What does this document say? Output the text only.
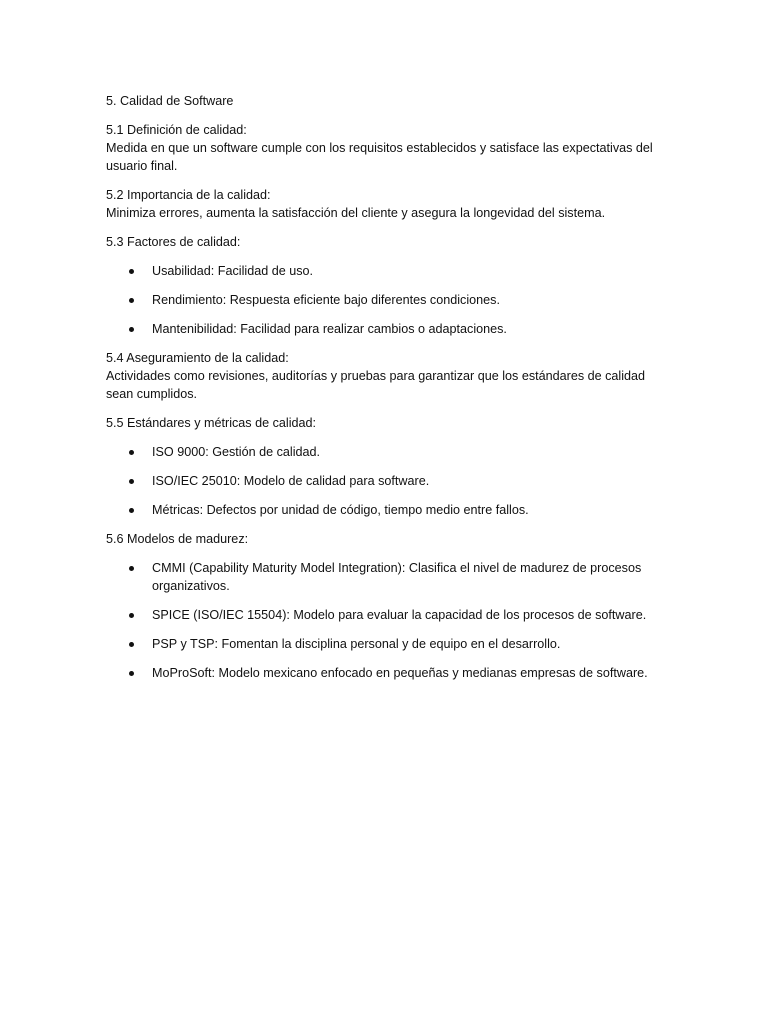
5. Calidad de Software
5.1 Definición de calidad:
Medida en que un software cumple con los requisitos establecidos y satisface las expectativas del usuario final.
5.2 Importancia de la calidad:
Minimiza errores, aumenta la satisfacción del cliente y asegura la longevidad del sistema.
5.3 Factores de calidad:
Usabilidad: Facilidad de uso.
Rendimiento: Respuesta eficiente bajo diferentes condiciones.
Mantenibilidad: Facilidad para realizar cambios o adaptaciones.
5.4 Aseguramiento de la calidad:
Actividades como revisiones, auditorías y pruebas para garantizar que los estándares de calidad sean cumplidos.
5.5 Estándares y métricas de calidad:
ISO 9000: Gestión de calidad.
ISO/IEC 25010: Modelo de calidad para software.
Métricas: Defectos por unidad de código, tiempo medio entre fallos.
5.6 Modelos de madurez:
CMMI (Capability Maturity Model Integration): Clasifica el nivel de madurez de procesos organizativos.
SPICE (ISO/IEC 15504): Modelo para evaluar la capacidad de los procesos de software.
PSP y TSP: Fomentan la disciplina personal y de equipo en el desarrollo.
MoProSoft: Modelo mexicano enfocado en pequeñas y medianas empresas de software.
